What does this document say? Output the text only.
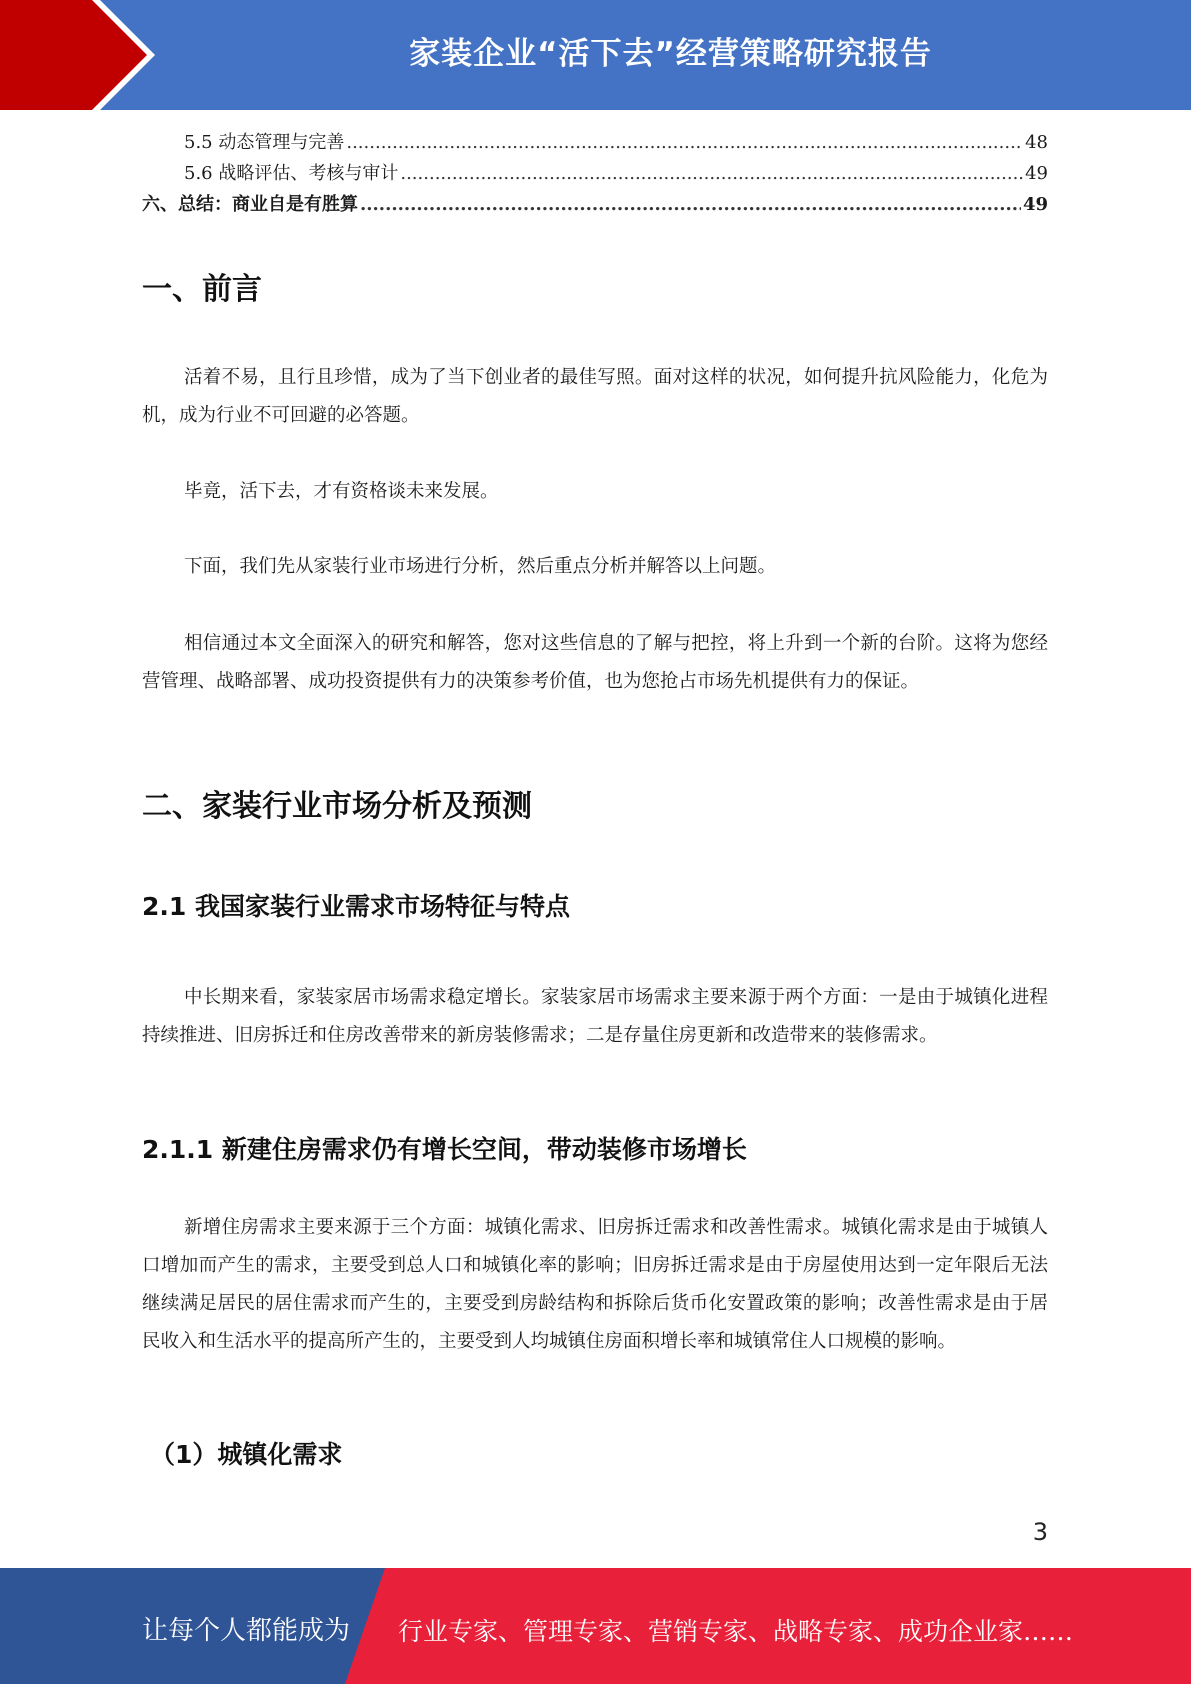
家装企业“活下去”经营策略研究报告
5.5 动态管理与完善 .....	48
5.6 战略评估、考核与审计 .....	49
六、总结：商业自是有胜算 .....	49
一、前言

活着不易，且行且珍惜，成为了当下创业者的最佳写照。面对这样的状况，如何提升抗风险能力，化危为机，成为行业不可回避的必答题。

毕竟，活下去，才有资格谈未来发展。

下面，我们先从家装行业市场进行分析，然后重点分析并解答以上问题。

相信通过本文全面深入的研究和解答，您对这些信息的了解与把控，将上升到一个新的台阶。这将为您经营管理、战略部署、成功投资提供有力的决策参考价值，也为您抢占市场先机提供有力的保证。

二、家装行业市场分析及预测
2.1 我国家装行业需求市场特征与特点

中长期来看，家装家居市场需求稳定增长。家装家居市场需求主要来源于两个方面：一是由于城镇化进程持续推进、旧房拆迁和住房改善带来的新房装修需求；二是存量住房更新和改造带来的装修需求。

2.1.1 新建住房需求仍有增长空间，带动装修市场增长

新增住房需求主要来源于三个方面：城镇化需求、旧房拆迁需求和改善性需求。城镇化需求是由于城镇人口增加而产生的需求，主要受到总人口和城镇化率的影响；旧房拆迁需求是由于房屋使用达到一定年限后无法继续满足居民的居住需求而产生的，主要受到房龄结构和拆除后货币化安置政策的影响；改善性需求是由于居民收入和生活水平的提高所产生的，主要受到人均城镇住房面积增长率和城镇常住人口规模的影响。

（1）城镇化需求
3
让每个人都能成为 行业专家、管理专家、营销专家、战略专家、成功企业家……
